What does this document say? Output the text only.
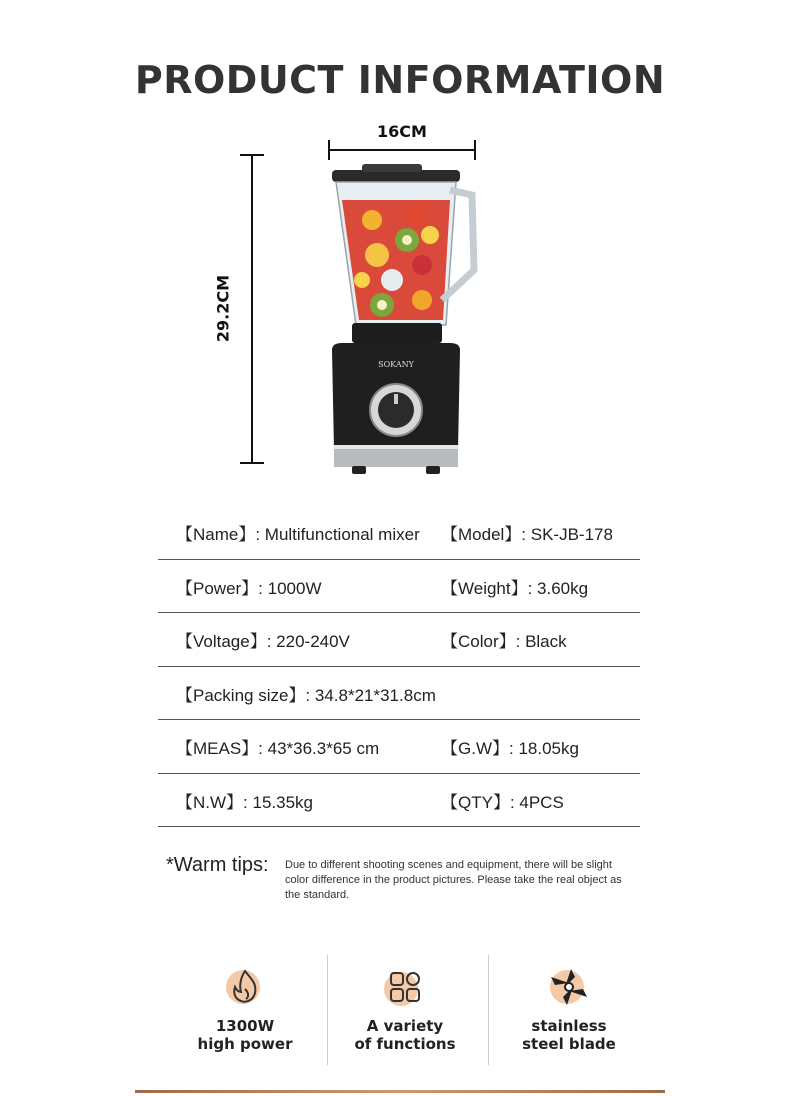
PRODUCT INFORMATION
16CM
29.2CM
SOKANY
【Name】: Multifunctional mixer 【Model】: SK-JB-178
【Power】: 1000W	【Weight】: 3.60kg
【Voltage】: 220-240V	【Color】: Black
【Packing size】: 34.8*21*31.8cm
【MEAS】: 43*36.3*65 cm	【G.W】: 18.05kg
【N.W】: 15.35kg	【QTY】: 4PCS
*Warm tips: Due to different shooting scenes and equipment, there will be slight color difference in the product pictures. Please take the real object as the standard.
1300W
high power
A variety
of functions
stainless
steel blade
